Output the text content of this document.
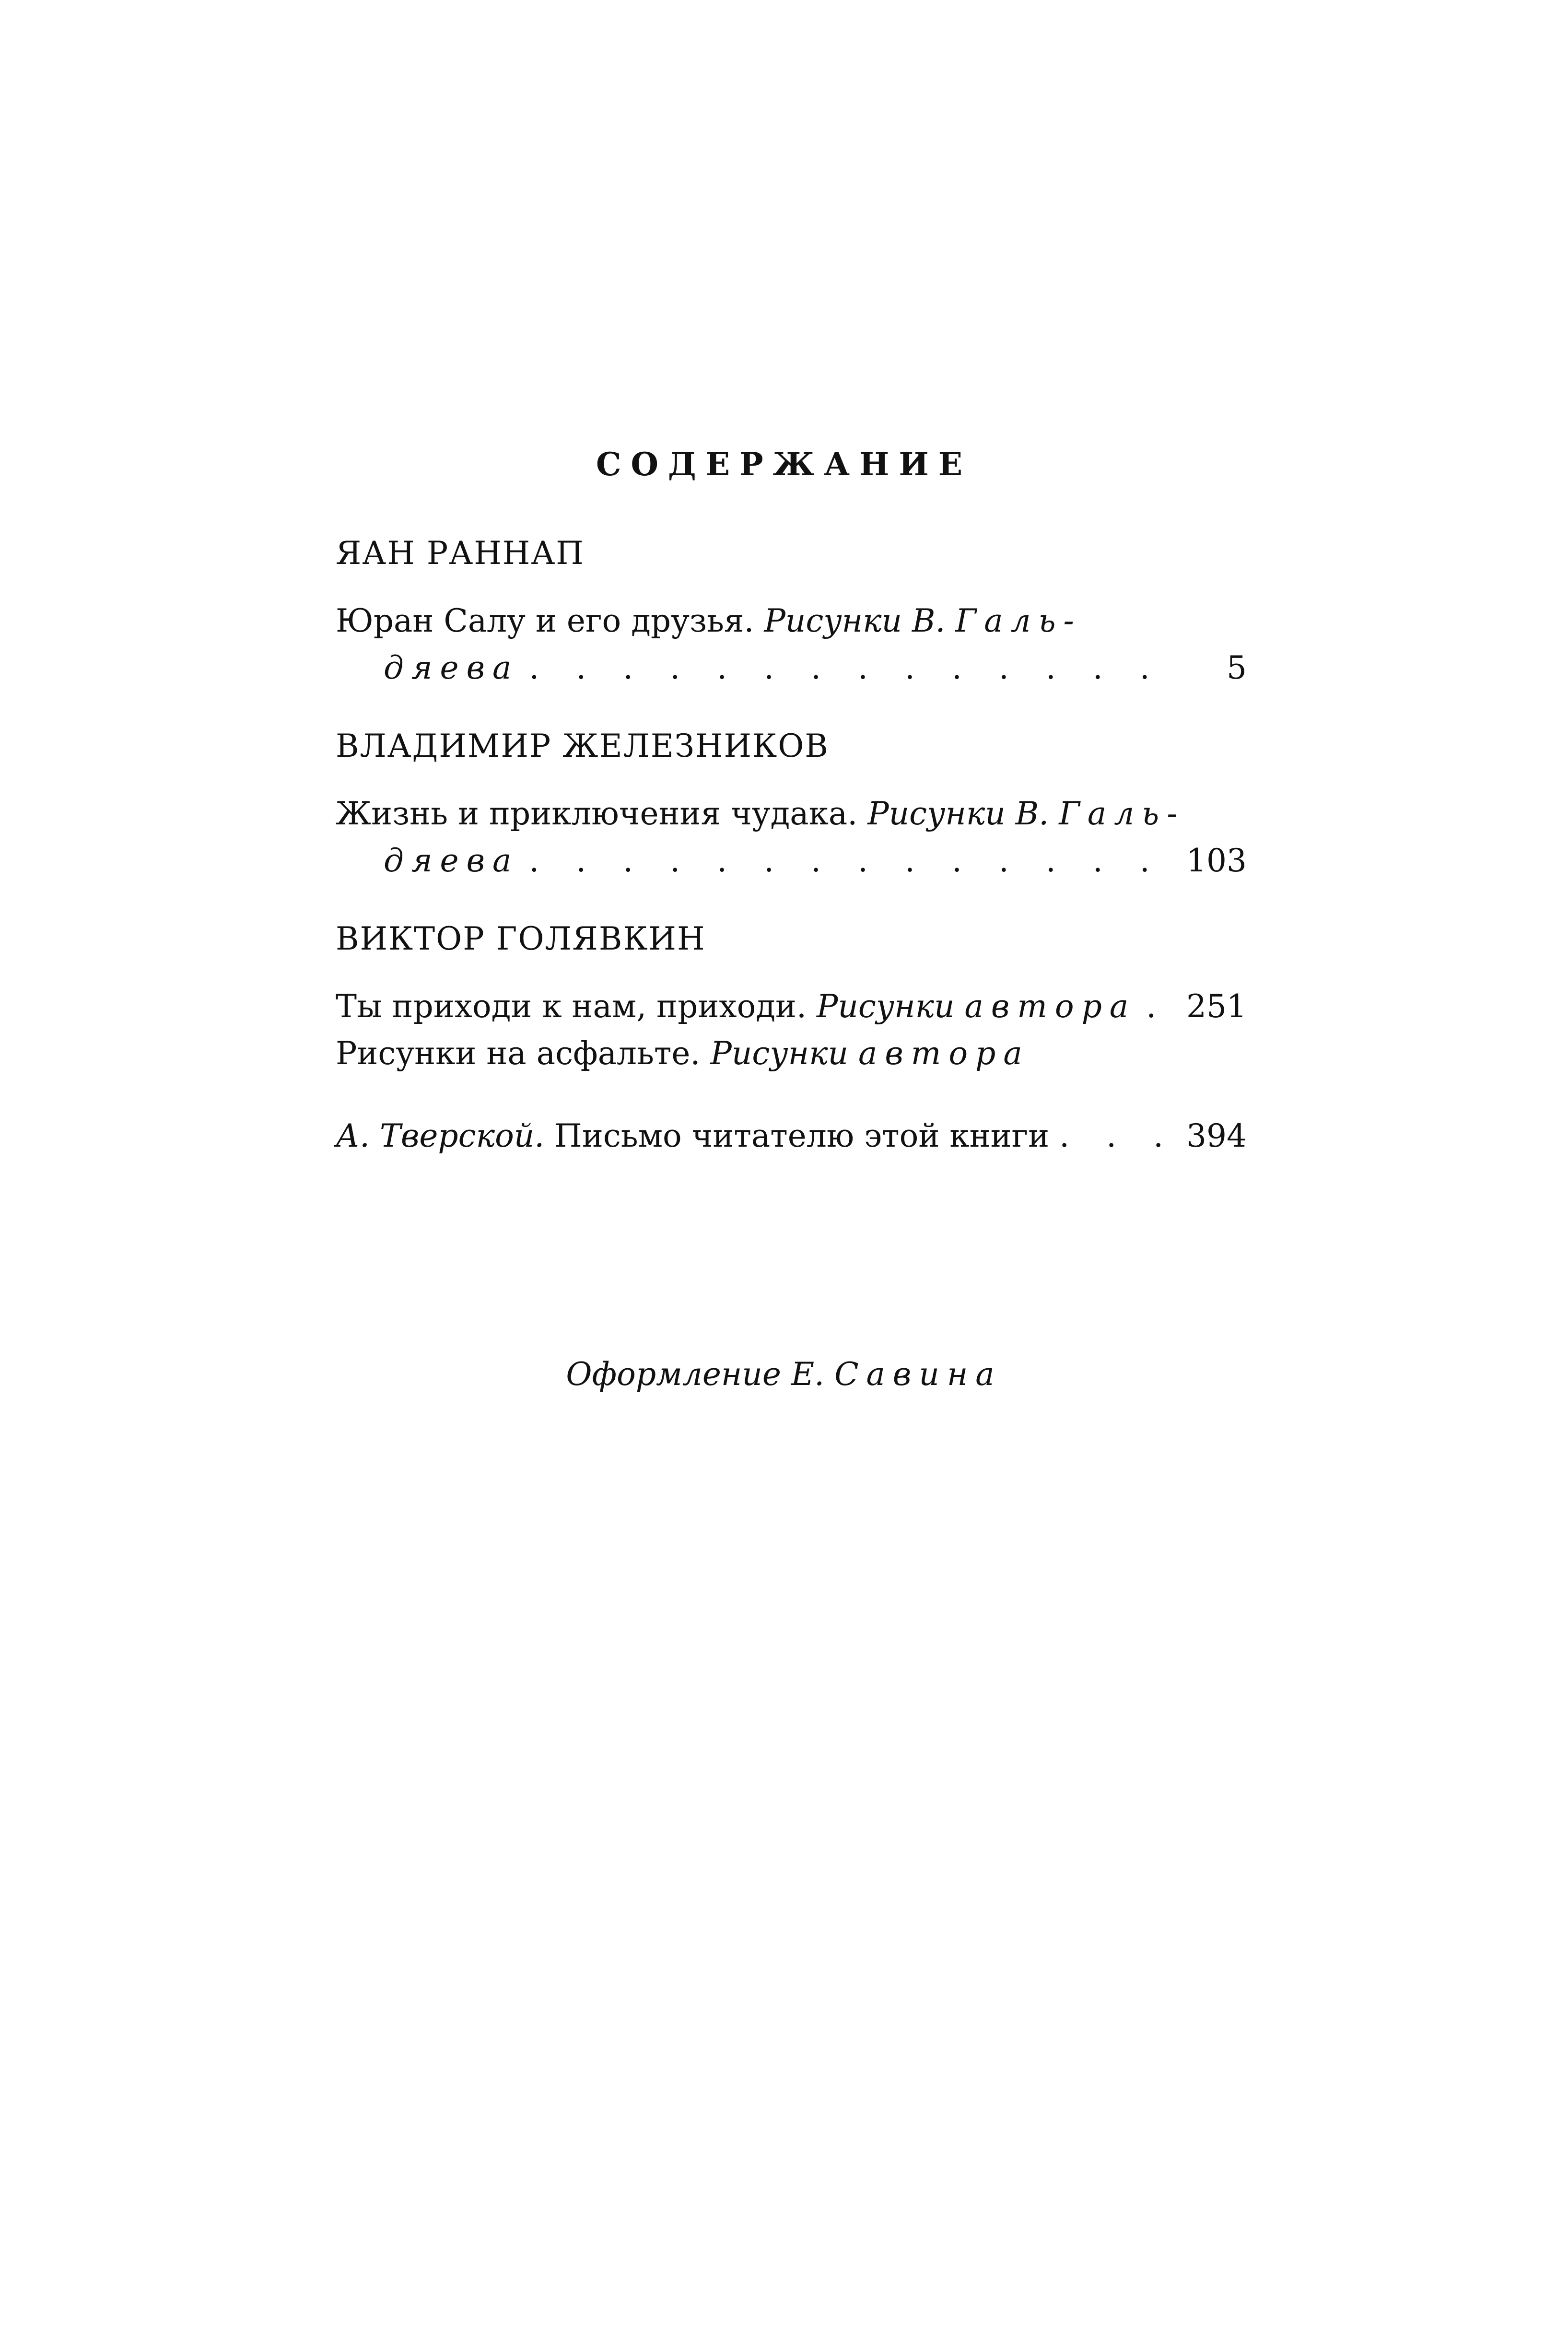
СОДЕРЖАНИЕ
ЯАН РАННАП
Юран Салу и его друзья. Рисунки В. Галь-
дяева . . . . . . . . . . . . . . 5
ВЛАДИМИР ЖЕЛЕЗНИКОВ
Жизнь и приключения чудака. Рисунки В. Галь-
дяева . . . . . . . . . . . . . . 103
ВИКТОР ГОЛЯВКИН
Ты приходи к нам, приходи. Рисунки автора . 251
Рисунки на асфальте. Рисунки автора
А. Тверской. Письмо читателю этой книги . . . 394
Оформление Е. Савина
